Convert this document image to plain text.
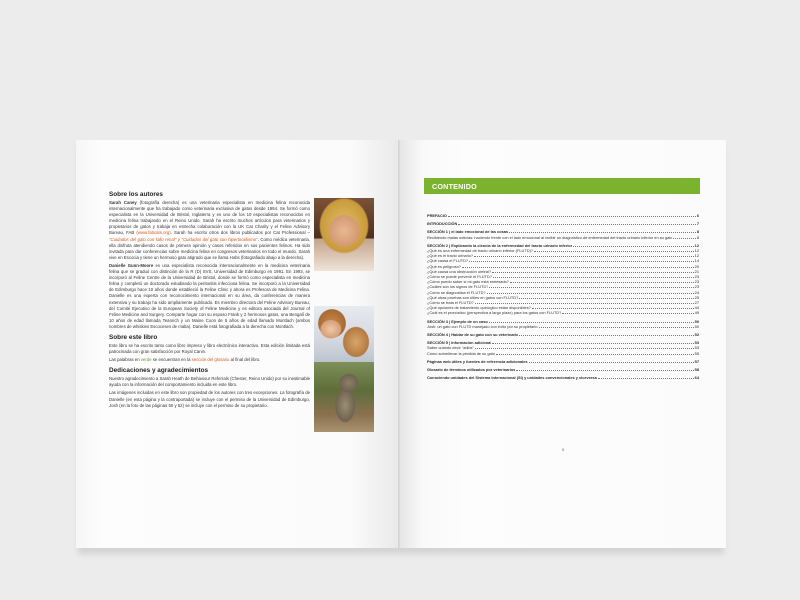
Sobre los autores

Sarah Caney (fotografía derecha) es una veterinaria especialista en medicina felina reconocida internacionalmente que ha trabajado como veterinaria exclusiva de gatos desde 1994. Se formó como especialista en la Universidad de Bristol, Inglaterra y es uno de los 10 especialistas reconocidos en medicina felina trabajando en el Reino Unido. Sarah ha escrito muchos artículos para veterinarios y propietarios de gatos y trabaja en estrecha colaboración con la UK Cat Charity y el Feline Advisory Bureau, FAB (www.fabcats.org). Sarah ha escrito otros dos libros publicados por Cat Professional – "Cuidados del gato con fallo renal" y "Cuidados del gato con hipertiroidismo". Como médica veterinaria, ella disfruta atendiendo casos de primera opinión y casos referidos en sus pacientes felinos. Ha sido invitada para dar conferencias sobre medicina felina en congresos veterinarios en todo el mundo. Sarah vive en Escocia y tiene un hermoso gato atigrado que se llama Hobs (fotografiado abajo a la derecha).

Danielle Gunn-Moore es una especialista reconocida internacionalmente en la medicina veterinaria felina que se graduó con distinción de la R (D) SVS, Universidad de Edimburgo en 1991. En 1993, se incorporó al Feline Centre de la Universidad de Bristol, donde se formó como especialista en medicina felina y completó un doctorado estudiando la peritonitis infecciosa felina. Se incorporó a la Universidad de Edimburgo hace 10 años donde estableció la Feline Clinic y ahora es Profesora de Medicina Felina. Danielle es una experta con reconocimiento internacional en su área, da conferencias de manera extensiva y su trabajo ha sido ampliamente publicado. Es miembro directora del Feline Advisory Bureau, del Comité Ejecutivo de la European Society of Feline Medicine y es editora asociada del Journal of Feline Medicine and Surgery. Comparte hogar con su esposo Frank y 2 hermosos gatos, una Bengalí de 10 años de edad llamada Teanrich y un Maine Coon de 5 años de edad llamado Montlach (ambos nombres de whiskies Escoceses de malta). Danielle está fotografiada a la derecha con Montlach.

Sobre este libro

Este libro se ha escrito tanto como libro impreso y libro electrónico interactivo. Esta edición limitada está patrocinada con gran satisfacción por Royal Canin.

Las palabras en verde se encuentran en la sección del glosario al final del libro.

Dedicaciones y agradecimientos

Nuestro agradecimiento a Sarah Heath de Behaviour Referrals (Chester, Reino Unido) por su inestimable ayuda con la información del comportamiento incluida en este libro.

Las imágenes incluidas en este libro son propiedad de los autores con tres excepciones. La fotografía de Danielle (en esta página y la contraportada) se incluye con el permiso de la Universidad de Edimburgo, Josh (en la foto de las páginas 50 y 52) se incluye con el permiso de su propietario.

CONTENIDO
PREFACIO	6
INTRODUCCIÓN	7
SECCIÓN 1 | el lado emocional de las cosas	8
Recibiendo malas noticias: haciendo frente con el lado emocional al recibir un diagnóstico de enfermedad del tracto urinario inferior en su gato	8
SECCIÓN 2 | Explicando la ciencia de la enfermedad del tracto urinario inferior	12
¿Qué es una enfermedad de tracto urinario inferior (FLUTD)?	12
¿Qué es el tracto urinario?	12
¿Qué causa el FLUTD?	14
¿Qué es peligroso?	20
¿Qué causa una obstrucción uretral?	21
¿Cómo se puede prevenir el FLUTD?	23
¿Cómo puedo saber si mi gato está estresado?	23
¿Cuáles son los signos de FLUTD?	23
¿Cómo se diagnostica el FLUTD?	24
¿Qué otras pruebas son útiles en gatos con FLUTD?	25
¿Cómo se trata el FLUTD?	27
¿Qué opciones de tratamiento quirúrgico están disponibles?	44
¿Cuál es el pronóstico (perspectiva a largo plazo) para los gatos con FLUTD?	49
SECCIÓN 3 | Ejemplo de un caso	50
Josh: un gato con FLUTD manejado con éxito por su propietario	50
SECCIÓN 4 | Hablar de su gato con su veterinario	52
SECCIÓN 5 | Información adicional	53
Saber cuándo decir "adiós"	53
Cómo sobrellevar la pérdida de su gato	55
Páginas web útiles y fuentes de referencia adicionales	57
Glosario de términos utilizados por veterinarios	58
Conociendo unidades del Sistema Internacional (SI) y unidades convencionales y viceversa	64
5
